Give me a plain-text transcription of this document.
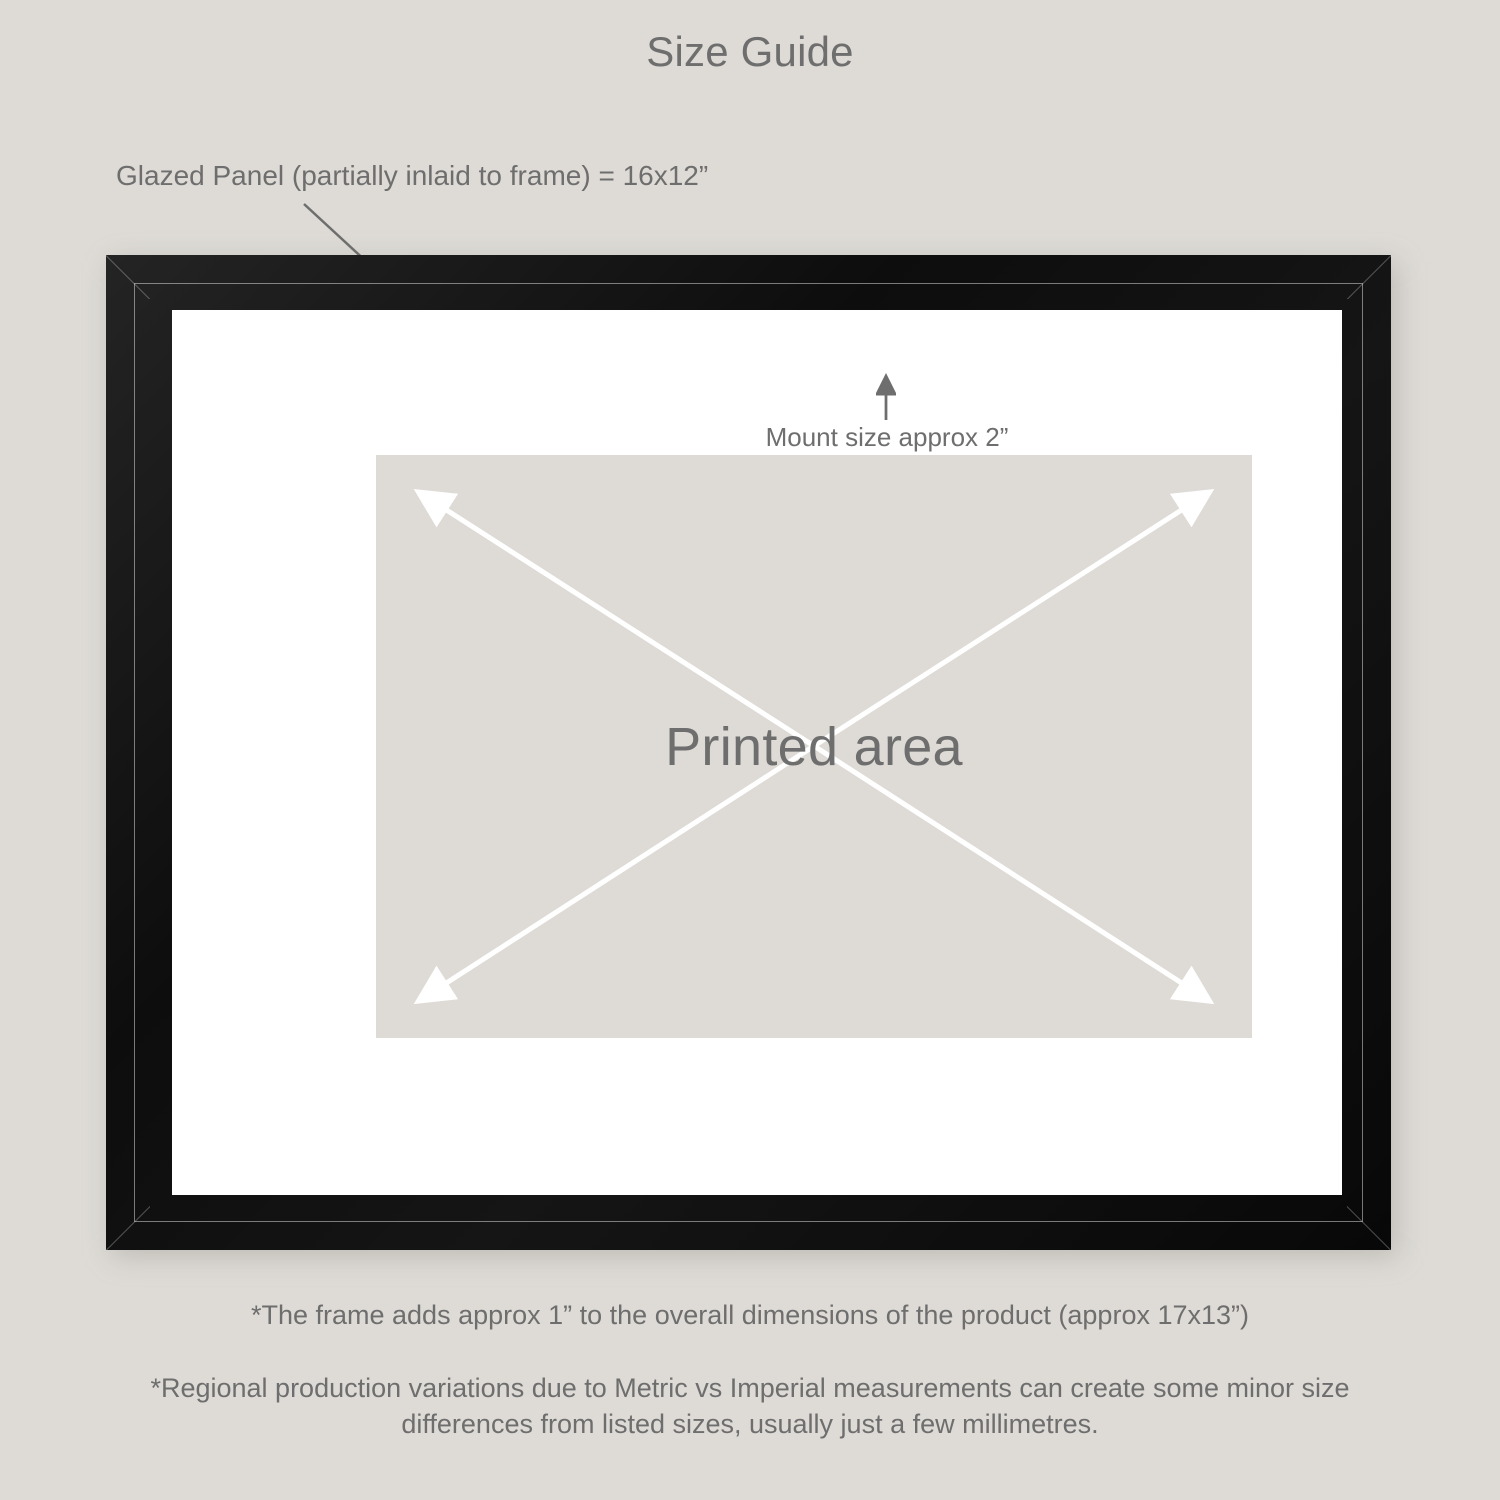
Size Guide
Glazed Panel (partially inlaid to frame) = 16x12”
Mount size approx 2”
Printed area
*The frame adds approx 1” to the overall dimensions of the product (approx 17x13”)
*Regional production variations due to Metric vs Imperial measurements can create some minor size differences from listed sizes, usually just a few millimetres.
